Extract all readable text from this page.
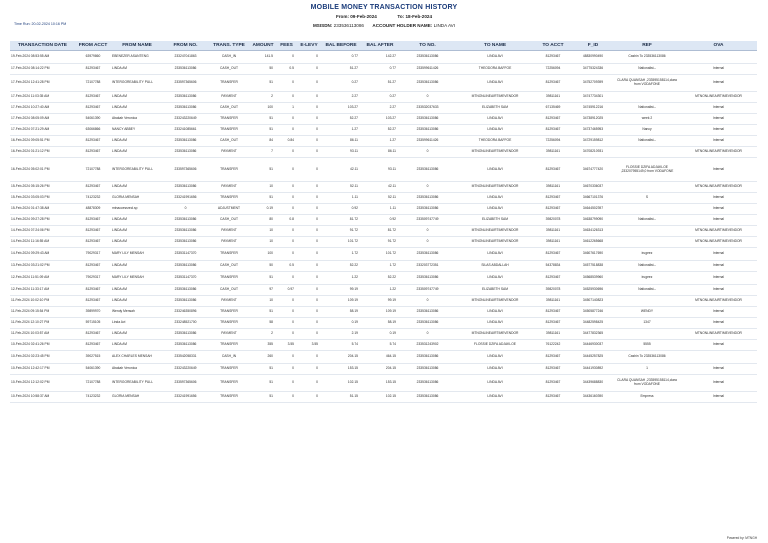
MOBILE MONEY TRANSACTION HISTORY
From: 09-Feb-2024	To: 18-Feb-2024
Time Run: 20-02-2024 10:16 PM	MSISDN: 233536113086 ACCOUNT HOLDER NAME: LINDA AVI
TRANSACTION DATE	FROM ACCT	FROM NAME	FROM NO.	TRANS. TYPE	AMOUNT	FEES	E-LEVY	BAL BEFORE	BAL AFTER	TO NO.	TO NAME	TO ACCT	F_ID	REF	OVA
19-Feb-2024 08:53:55 AM	63979860	EBENEZER ASANTENG	233247041863	CASH_IN	141.5	0	0	0.77	142.27	233536113086	LINDA AVI	81293467	48830990490	Cashin To 233536113086	
17-Feb-2024 08:14:22 PM	81293467	LINDA AVI	233536113086	CASH_OUT	50	0.5	0	51.27	0.77	233599611426	THEODORA BAFFOE	72256094	34775324336	Nationalist--	Internal
17-Feb-2024 12:41:28 PM	72107788	INTERGOREABILITY PULL	233597365606	TRANSFER	51	0	0	0.27	51.27	233536113086	LINDA AVI	81293467	34752709399	CLARA QUANSAH ,233595158114,clara from VODAFONE	Internal
17-Feb-2024 11:03:35 AM	81293467	LINDA AVI	233536113086	PAYMENT	2	0	0	2.27	0.27	0	MTNONLINEAIRTIMEVENDOR	39811161	34747734301		MTNONLINEAIRTIMEVENDOR
17-Feb-2024 10:27:40 AM	81293467	LINDA AVI	233536113086	CASH_OUT	100	1	0	103.27	2.27	233532037633	ELIZABETH SAM	67135469	34745912216	Nationalist--	Internal
17-Feb-2024 08:05:09 AM	54061390	Abakah Veronica	233243220649	TRANSFER	51	0	0	52.27	103.27	233536113086	LINDA AVI	81293467	34738912025	week 2	Internal
17-Feb-2024 07:21:29 AM	63066866	NANCY ABBEY	233241085661	TRANSFER	51	0	0	1.27	52.27	233536113086	LINDA AVI	81293467	34737465953	Nancy	Internal
16-Feb-2024 09:05:51 PM	81293467	LINDA AVI	233536113086	CASH_OUT	84	0.84	0	86.11	1.27	233599611426	THEODORA BAFFOE	72256094	34729159812	Nationalist--	Internal
16-Feb-2024 01:21:12 PM	81293467	LINDA AVI	233536113086	PAYMENT	7	0	0	93.11	86.11	0	MTNONLINEAIRTIMEVENDOR	39811161	34708210931		MTNONLINEAIRTIMEVENDOR
16-Feb-2024 05:02:01 PM	72107788	INTERGOREABILITY PULL	233597365606	TRANSFER	51	0	0	42.11	93.11	233536113086	LINDA AVI	81293467	34674777420	FLOSSIE DZIFA ADJAKLOE ,233207955149,0 from VODAFONE	Internal
15-Feb-2024 05:15:26 PM	81293467	LINDA AVI	233536113086	PAYMENT	10	0	0	52.11	42.11	0	MTNONLINEAIRTIMEVENDOR	39811161	34670336037		MTNONLINEAIRTIMEVENDOR
15-Feb-2024 03:05:03 PM	74123232	GLORIA MENSAH	233241991656	TRANSFER	51	0	0	1.11	52.11	233536113086	LINDA AVI	81293467	34667101376	S	Internal
15-Feb-2024 01:47:38 AM	48878309	mtnaccessrecl.sp	0	ADJUSTMENT	0.19	0	0	0.92	1.11	233536113086	LINDA AVI	81293467	34644502397		Internal
14-Feb-2024 09:27:28 PM	81293467	LINDA AVI	233536113086	CASH_OUT	80	0.8	0	81.72	0.92	233509747749	ELIZABETH SAM	39820078	34638799090	Nationalist--	Internal
14-Feb-2024 07:24:06 PM	81293467	LINDA AVI	233536113086	PAYMENT	10	0	0	91.72	81.72	0	MTNONLINEAIRTIMEVENDOR	39811161	34634126313		MTNONLINEAIRTIMEVENDOR
14-Feb-2024 11:16:55 AM	81293467	LINDA AVI	233536113086	PAYMENT	10	0	0	101.72	91.72	0	MTNONLINEAIRTIMEVENDOR	39811161	34612265668		MTNONLINEAIRTIMEVENDOR
14-Feb-2024 09:29:43 AM	79029317	MARY LILY MENSAH	233531147370	TRANSFER	100	0	0	1.72	101.72	233536113086	LINDA AVI	81293467	34607617690	irugeez	Internal
13-Feb-2024 03:21:02 PM	81293467	LINDA AVI	233536113086	CASH_OUT	50	0.5	0	52.22	1.72	233203772351	SILAS ABDALLAH	54378834	34577518838	Nationalist--	Internal
12-Feb-2024 11:51:09 AM	79029317	MARY LILY MENSAH	233531147370	TRANSFER	51	0	0	1.22	52.22	233536113086	LINDA AVI	81293467	34568539960	irugeez	Internal
12-Feb-2024 11:33:17 AM	81293467	LINDA AVI	233536113086	CASH_OUT	97	0.97	0	99.19	1.22	233509747749	ELIZABETH SAM	39820078	34525930696	Nationalist--	Internal
11-Feb-2024 10:02:10 PM	81293467	LINDA AVI	233536113086	PAYMENT	10	0	0	109.19	99.19	0	MTNONLINEAIRTIMEVENDOR	39811161	34507140823		MTNONLINEAIRTIMEVENDOR
11-Feb-2024 09:15:54 PM	39899970	Wendy Mensah	233246350896	TRANSFER	51	0	0	58.19	109.19	233536113086	LINDA AVI	81293467	34505877246	WENDY	Internal
11-Feb-2024 12:10:27 PM	59715105	Linda Avi	233248521700	TRANSFER	58	0	0	0.19	58.19	233536113086	LINDA AVI	81293467	34482598425	1347	Internal
11-Feb-2024 10:03:57 AM	81293467	LINDA AVI	233536113086	PAYMENT	2	0	0	2.19	0.19	0	MTNONLINEAIRTIMEVENDOR	39811161	34477832365		MTNONLINEAIRTIMEVENDOR
10-Feb-2024 02:41:26 PM	81293467	LINDA AVI	233536113086	TRANSFER	355	3.55	3.55	5.74	5.74	233531243902	FLOSSIE DZIFA ADJAKLOE	76122242	34446930037	5555	Internal
10-Feb-2024 02:23:45 PM	39027515	ALEX CHARLES MENSAH	233542058331	CASH_IN	260	0	0	204.15	464.15	233536113086	LINDA AVI	81293467	34445257825	Cashin To 233536113086	
10-Feb-2024 12:42:17 PM	54061390	Abakah Veronica	233243220649	TRANSFER	51	0	0	153.15	204.15	233536113086	LINDA AVI	81293467	34441930892	1	Internal
10-Feb-2024 12:12:02 PM	72107788	INTERGOREABILITY PULL	233597365606	TRANSFER	51	0	0	102.15	153.15	233536113086	LINDA AVI	81293467	34439688830	CLARA QUANSAH ,233595158114,clara from VODAFONE	Internal
10-Feb-2024 10:58:37 AM	74123232	GLORIA MENSAH	233241991656	TRANSFER	51	0	0	51.15	102.15	233536113086	LINDA AVI	81293467	34436160390	Empress	Internal
Powered by: MTNGH
